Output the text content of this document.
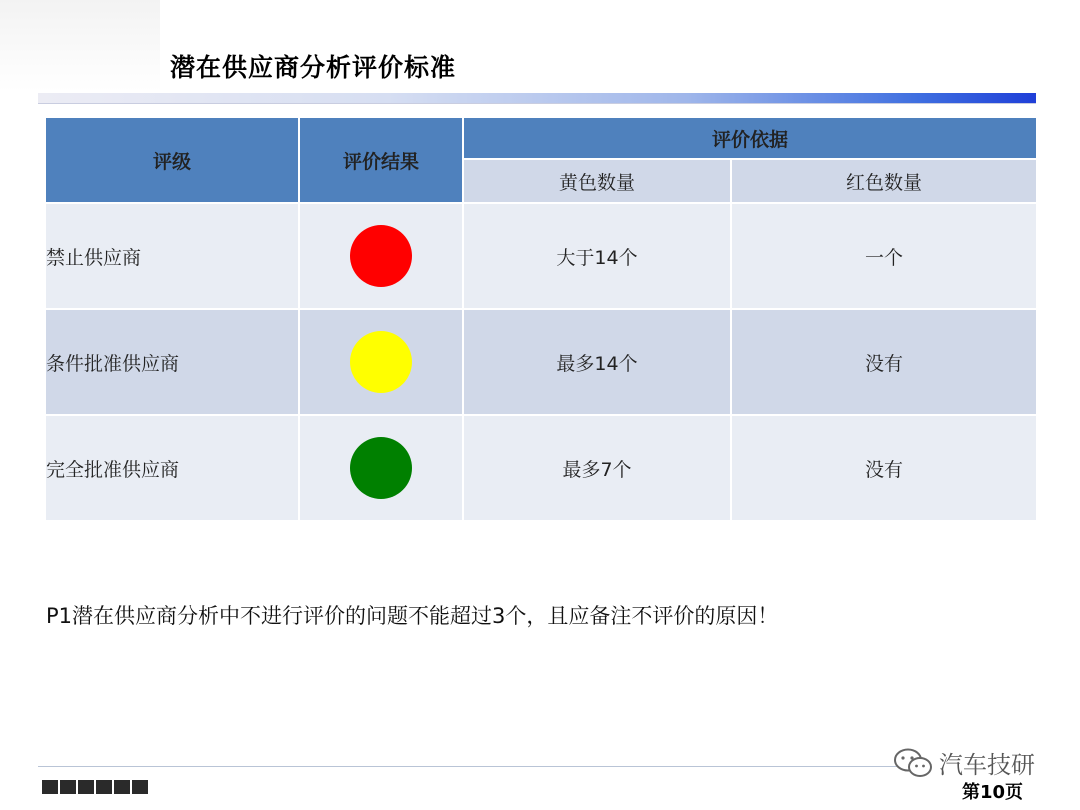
潜在供应商分析评价标准
评级	评价结果	评价依据	
		黄色数量	红色数量
禁止供应商		大于14个	一个
条件批准供应商		最多14个	没有
完全批准供应商		最多7个	没有
P1潜在供应商分析中不进行评价的问题不能超过3个，且应备注不评价的原因！
汽车技研
第10页
